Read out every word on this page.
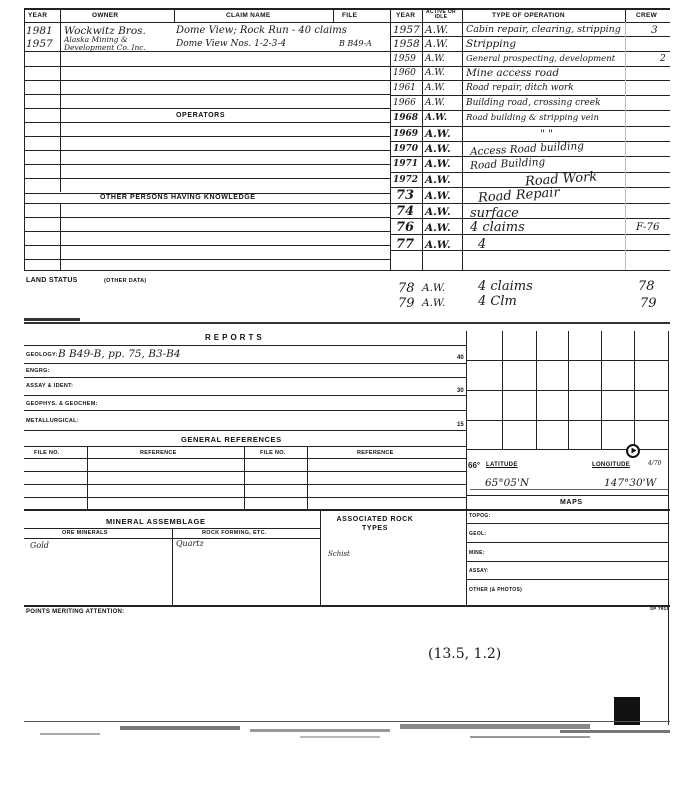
YEAR	OWNER	CLAIM NAME	FILE	YEAR ACTIVE OR IDLE	TYPE OF OPERATION	CREW
1981 Wockwitz Bros.	Dome View; Rock Run - 40 claims
1957 Alaska Mining & Development Co. Inc.	Dome View Nos. 1-2-3-4	B B49-A
OPERATORS
OTHER PERSONS HAVING KNOWLEDGE
1957 A.W. Cabin repair, clearing, stripping	3
1958 A.W. Stripping
1959 A.W. General prospecting, development	2
1960 A.W. Mine access road
1961 A.W. Road repair, ditch work
1966 A.W. Building road, crossing creek
1968 A.W. Road building & stripping vein
1969 A.W.	" "
1970 A.W. Access Road building
1971 A.W. Road Building
1972 A.W.	Road Work
73 A.W. Road Repair
74 A.W. surface
76 A.W. 4 claims	F-76
77 A.W. 4
78 A.W.	4 claims	78
79 A.W.	4 Clm	79
LAND STATUS	(OTHER DATA)
REPORTS
GEOLOGY: B B49-B, pp. 75, B3-B4	40
ENGRG:
ASSAY & IDENT:
30
GEOPHYS. & GEOCHEM:
METALLURGICAL:
15
GENERAL REFERENCES
FILE NO.	REFERENCE	FILE NO.	REFERENCE
66° LATITUDE	LONGITUDE	4/70
65°05'N	147°30'W
MAPS
TOPOG:
GEOL:
MINE:
ASSAY:
OTHER (& PHOTOS)
MINERAL ASSEMBLAGE	ASSOCIATED ROCK TYPES
ORE MINERALS	ROCK FORMING, ETC.
Gold	Quartz
Schist
POINTS MERITING ATTENTION:
SP 7918
(13.5, 1.2)
